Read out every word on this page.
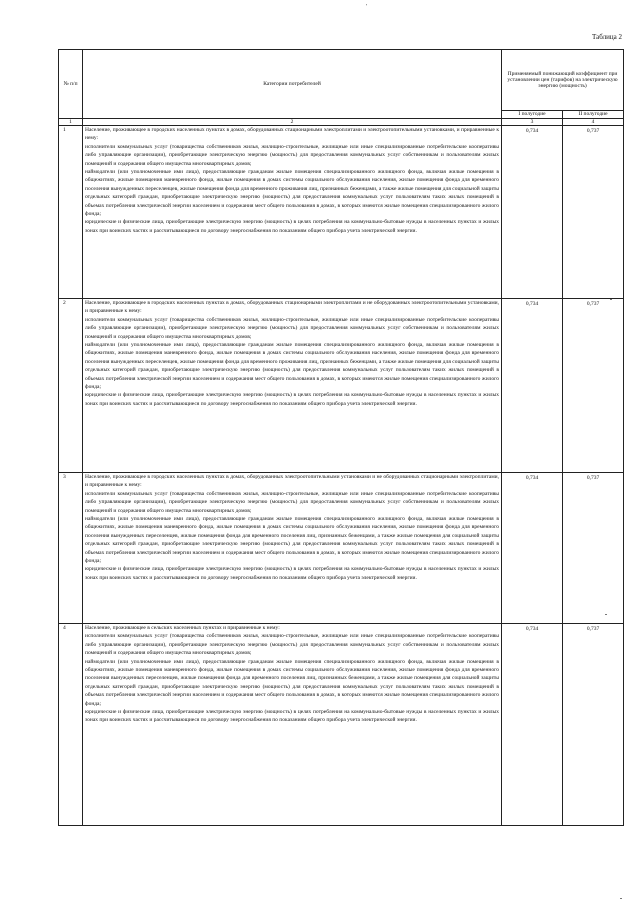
'
Таблица 2
№ п/п	Категории потребителей	Применяемый понижающий коэффициент при установлении цен (тарифов) на электрическую энергию (мощность)	
		I полугодие	II полугодие
1	2	3	4
1	Население, проживающее в городских населенных пунктах в домах, оборудованных стационарными электроплитами и электроотопительными установками, и приравненные к нему:

исполнители коммунальных услуг (товарищества собственников жилья, жилищно-строительные, жилищные или иные специализированные потребительские кооперативы либо управляющие организации), приобретающие электрическую энергию (мощность) для предоставления коммунальных услуг собственникам и пользователям жилых помещений и содержания общего имущества многоквартирных домов;

наймодатели (или уполномоченные ими лица), предоставляющие гражданам жилые помещения специализированного жилищного фонда, включая жилые помещения в общежитиях, жилые помещения маневренного фонда, жилые помещения в домах системы социального обслуживания населения, жилые помещения фонда для временного поселения вынужденных переселенцев, жилые помещения фонда для временного проживания лиц, признанных беженцами, а также жилые помещения для социальной защиты отдельных категорий граждан, приобретающие электрическую энергию (мощность) для предоставления коммунальных услуг пользователям таких жилых помещений в объемах потребления электрической энергии населением и содержания мест общего пользования в домах, в которых имеются жилые помещения специализированного жилого фонда;

юридические и физические лица, приобретающие электрическую энергию (мощность) в целях потребления на коммунально-бытовые нужды в населенных пунктах и жилых зонах при воинских частях и рассчитывающиеся по договору энергоснабжения по показаниям общего прибора учета электрической энергии.	0,734	0,737
2	Население, проживающее в городских населенных пунктах в домах, оборудованных стационарными электроплитами и не оборудованных электроотопительными установками, и приравненные к нему:

исполнители коммунальных услуг (товарищества собственников жилья, жилищно-строительные, жилищные или иные специализированные потребительские кооперативы либо управляющие организации), приобретающие электрическую энергию (мощность) для предоставления коммунальных услуг собственникам и пользователям жилых помещений и содержания общего имущества многоквартирных домов;

наймодатели (или уполномоченные ими лица), предоставляющие гражданам жилые помещения специализированного жилищного фонда, включая жилые помещения в общежитиях, жилые помещения маневренного фонда, жилые помещения в домах системы социального обслуживания населения, жилые помещения фонда для временного поселения вынужденных переселенцев, жилые помещения фонда для временного проживания лиц, признанных беженцами, а также жилые помещения для социальной защиты отдельных категорий граждан, приобретающие электрическую энергию (мощность) для предоставления коммунальных услуг пользователям таких жилых помещений в объемах потребления электрической энергии населением и содержания мест общего пользования в домах, в которых имеются жилые помещения специализированного жилого фонда;

юридические и физические лица, приобретающие электрическую энергию (мощность) в целях потребления на коммунально-бытовые нужды в населенных пунктах и жилых зонах при воинских частях и рассчитывающиеся по договору энергоснабжения по показаниям общего прибора учета электрической энергии.	0,734	0,737
3	Население, проживающее в городских населенных пунктах в домах, оборудованных электроотопительными установками и не оборудованных стационарными электроплитами, и приравненные к нему:

исполнители коммунальных услуг (товарищества собственников жилья, жилищно-строительные, жилищные или иные специализированные потребительские кооперативы либо управляющие организации), приобретающие электрическую энергию (мощность) для предоставления коммунальных услуг собственникам и пользователям жилых помещений и содержания общего имущества многоквартирных домов;

наймодатели (или уполномоченные ими лица), предоставляющие гражданам жилые помещения специализированного жилищного фонда, включая жилые помещения в общежитиях, жилые помещения маневренного фонда, жилые помещения в домах системы социального обслуживания населения, жилые помещения фонда для временного поселения вынужденных переселенцев, жилые помещения фонда для временного поселения лиц, признанных беженцами, а также жилые помещения для социальной защиты отдельных категорий граждан, приобретающие электрическую энергию (мощность) для предоставления коммунальных услуг пользователям таких жилых помещений в объемах потребления электрической энергии населением и содержания мест общего пользования в домах, в которых имеются жилые помещения специализированного жилого фонда;

юридические и физические лица, приобретающие электрическую энергию (мощность) в целях потребления на коммунально-бытовые нужды в населенных пунктах и жилых зонах при воинских частях и рассчитывающиеся по договору энергоснабжения по показаниям общего прибора учета электрической энергии.	0,734	0,737
4	Население, проживающее в сельских населенных пунктах и приравненные к нему:

исполнители коммунальных услуг (товарищества собственников жилья, жилищно-строительные, жилищные или иные специализированные потребительские кооперативы либо управляющие организации), приобретающие электрическую энергию (мощность) для предоставления коммунальных услуг собственникам и пользователям жилых помещений и содержания общего имущества многоквартирных домов;

наймодатели (или уполномоченные ими лица), предоставляющие гражданам жилые помещения специализированного жилищного фонда, включая жилые помещения в общежитиях, жилые помещения маневренного фонда, жилые помещения в домах системы социального обслуживания населения, жилые помещения фонда для временного поселения вынужденных переселенцев, жилые помещения фонда для временного поселения лиц, признанных беженцами, а также жилые помещения для социальной защиты отдельных категорий граждан, приобретающие электрическую энергию (мощность) для предоставления коммунальных услуг пользователям таких жилых помещений в объемах потребления электрической энергии населением и содержания мест общего пользования в домах, в которых имеются жилые помещения специализированного жилого фонда;

юридические и физические лица, приобретающие электрическую энергию (мощность) в целях потребления на коммунально-бытовые нужды в населенных пунктах и жилых зонах при воинских частях и рассчитывающиеся по договору энергоснабжения по показаниям общего прибора учета электрической энергии.	0,734	0,737
